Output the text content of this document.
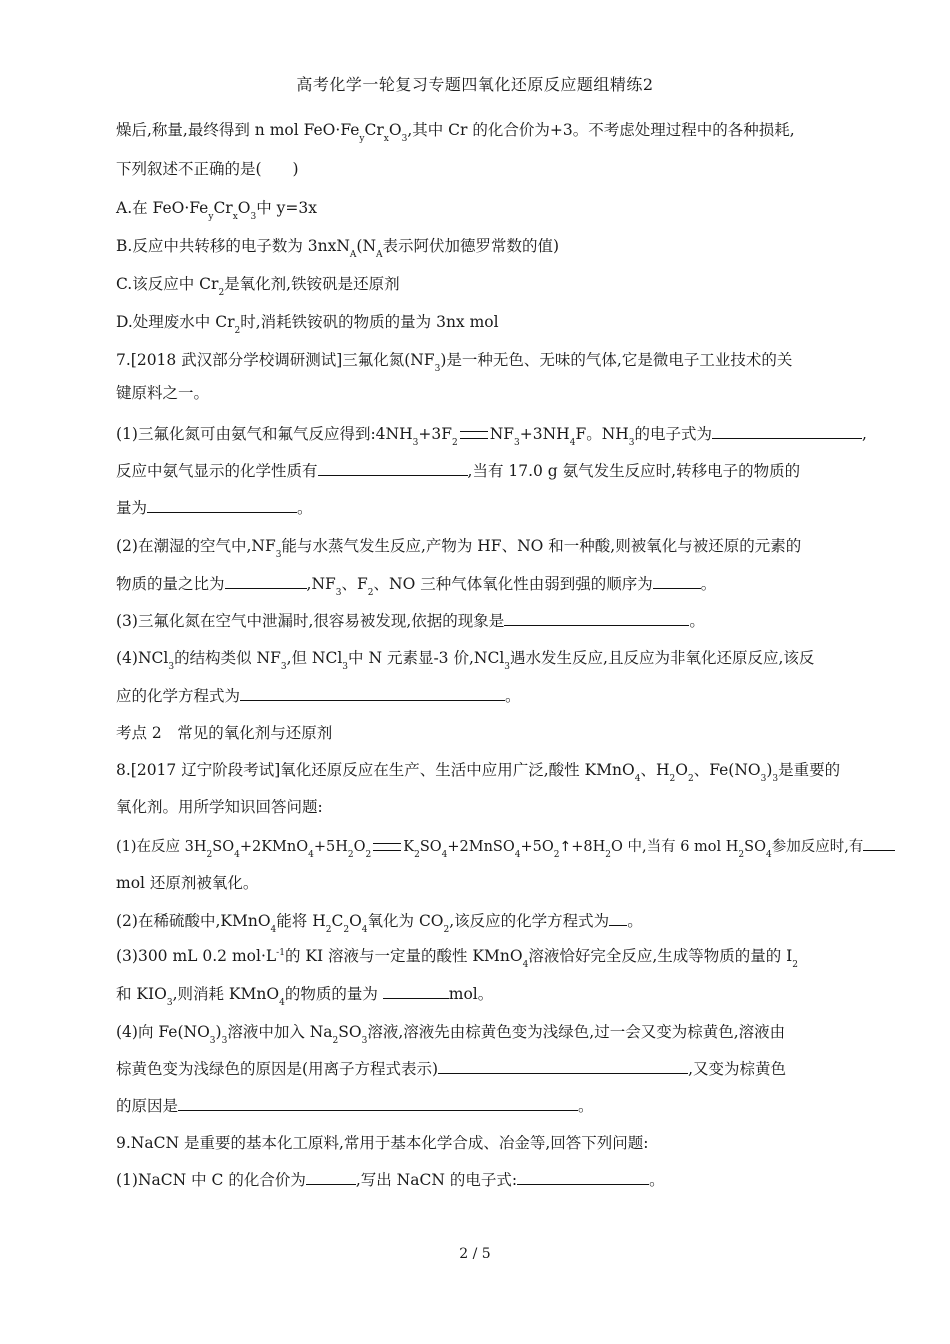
高考化学一轮复习专题四氧化还原反应题组精练2
燥后,称量,最终得到 n mol $FeO\cdot Fe_yCr_xO_3$,其中 Cr 的化合价为+3。不考虑处理过程中的各种损耗,
下列叙述不正确的是(　　)
A.在 $FeO\cdot Fe_yCr_xO_3$中 y=3x
B.反应中共转移的电子数为 $3nxN_A(N_A$表示阿伏加德罗常数的值)
C.该反应中 $Cr_2$是氧化剂,铁铵矾是还原剂
D.处理废水中 $Cr_2$时,消耗铁铵矾的物质的量为 3nx mol
7.[2018 武汉部分学校调研测试]三氟化氮$(NF_3)$是一种无色、无味的气体,它是微电子工业技术的关
键原料之一。
(1)三氟化氮可由氨气和氟气反应得到$:4NH_3+3F_2$ $NF_3+3NH_4F$。$NH_3$的电子式为	,
反应中氨气显示的化学性质有	,当有 17.0 g 氨气发生反应时,转移电子的物质的
量为	。
(2)在潮湿的空气中$,NF_3$能与水蒸气发生反应,产物为 HF、NO 和一种酸,则被氧化与被还原的元素的
物质的量之比为	$,NF_3$、$F_2$、NO 三种气体氧化性由弱到强的顺序为	。
(3)三氟化氮在空气中泄漏时,很容易被发现,依据的现象是	。
(4)NCl$_3$的结构类似 $NF_3$,但 NCl$_3$中 N 元素显-3 价,NCl$_3$遇水发生反应,且反应为非氧化还原反应,该反
应的化学方程式为	。
考点 2　常见的氧化剂与还原剂
8.[2017 辽宁阶段考试]氧化还原反应在生产、生活中应用广泛,酸性 KMnO$_4$、$H_2O_2$、$Fe(NO_3)_3$是重要的
氧化剂。用所学知识回答问题:
(1)在反应 $3H_2SO_4+2KMnO_4+5H_2O_2$ $K_2SO_4+2MnSO_4+5O_2↑+8H_2O$ 中,当有 6 mol $H_2SO_4$参加反应时,有
mol 还原剂被氧化。
(2)在稀硫酸中,KMnO$_4$能将 $H_2C_2O_4$氧化为 $CO_2$,该反应的化学方程式为 。
(3)300 mL 0.2 $mol\cdot L^{-1}$的 KI 溶液与一定量的酸性 KMnO$_4$溶液恰好完全反应,生成等物质的量的 $I_2$
和 $KIO_3$,则消耗 KMnO$_4$的物质的量为	mol。
(4)向 $Fe(NO_3)_3$溶液中加入 $Na_2SO_3$溶液,溶液先由棕黄色变为浅绿色,过一会又变为棕黄色,溶液由
棕黄色变为浅绿色的原因是(用离子方程式表示)	,又变为棕黄色
的原因是	。
9.NaCN 是重要的基本化工原料,常用于基本化学合成、冶金等,回答下列问题:
(1)NaCN 中 C 的化合价为	,写出 NaCN 的电子式:	。
2 / 5
